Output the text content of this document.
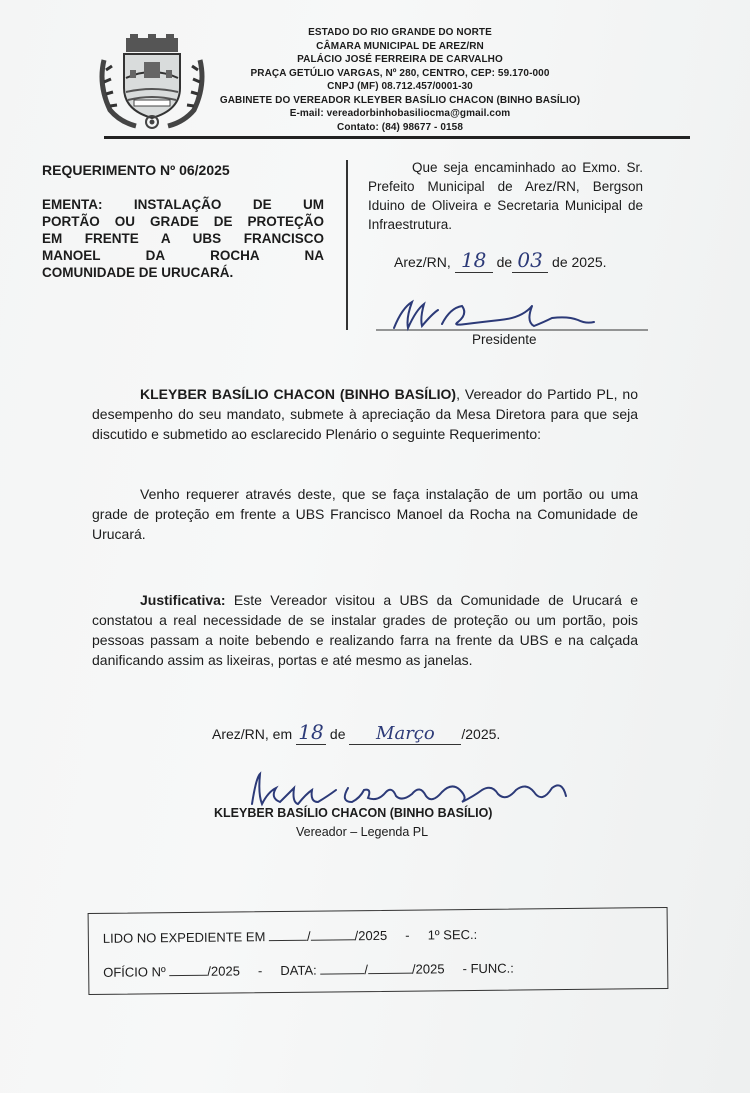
ESTADO DO RIO GRANDE DO NORTE
CÂMARA MUNICIPAL DE AREZ/RN
PALÁCIO JOSÉ FERREIRA DE CARVALHO
PRAÇA GETÚLIO VARGAS, Nº 280, CENTRO, CEP: 59.170-000
CNPJ (MF) 08.712.457/0001-30
GABINETE DO VEREADOR KLEYBER BASÍLIO CHACON (BINHO BASÍLIO)
E-mail: vereadorbinhobasiliocma@gmail.com
Contato: (84) 98677 - 0158
REQUERIMENTO Nº 06/2025
EMENTA: INSTALAÇÃO DE UM
PORTÃO OU GRADE DE PROTEÇÃO
EM FRENTE A UBS FRANCISCO
MANOEL DA ROCHA NA
COMUNIDADE DE URUCARÁ.
Que seja encaminhado ao Exmo. Sr. Prefeito Municipal de Arez/RN, Bergson Iduino de Oliveira e Secretaria Municipal de Infraestrutura.
Arez/RN, 18 de 03 de 2025.
Presidente
KLEYBER BASÍLIO CHACON (BINHO BASÍLIO), Vereador do Partido PL, no desempenho do seu mandato, submete à apreciação da Mesa Diretora para que seja discutido e submetido ao esclarecido Plenário o seguinte Requerimento:
Venho requerer através deste, que se faça instalação de um portão ou uma grade de proteção em frente a UBS Francisco Manoel da Rocha na Comunidade de Urucará.
Justificativa: Este Vereador visitou a UBS da Comunidade de Urucará e constatou a real necessidade de se instalar grades de proteção ou um portão, pois pessoas passam a noite bebendo e realizando farra na frente da UBS e na calçada danificando assim as lixeiras, portas e até mesmo as janelas.
Arez/RN, em 18 de Março /2025.
KLEYBER BASÍLIO CHACON (BINHO BASÍLIO)
Vereador – Legenda PL
LIDO NO EXPEDIENTE EM	/	/2025 - 1º SEC.:
OFÍCIO Nº	/2025 - DATA:	/	/2025 - FUNC.:
